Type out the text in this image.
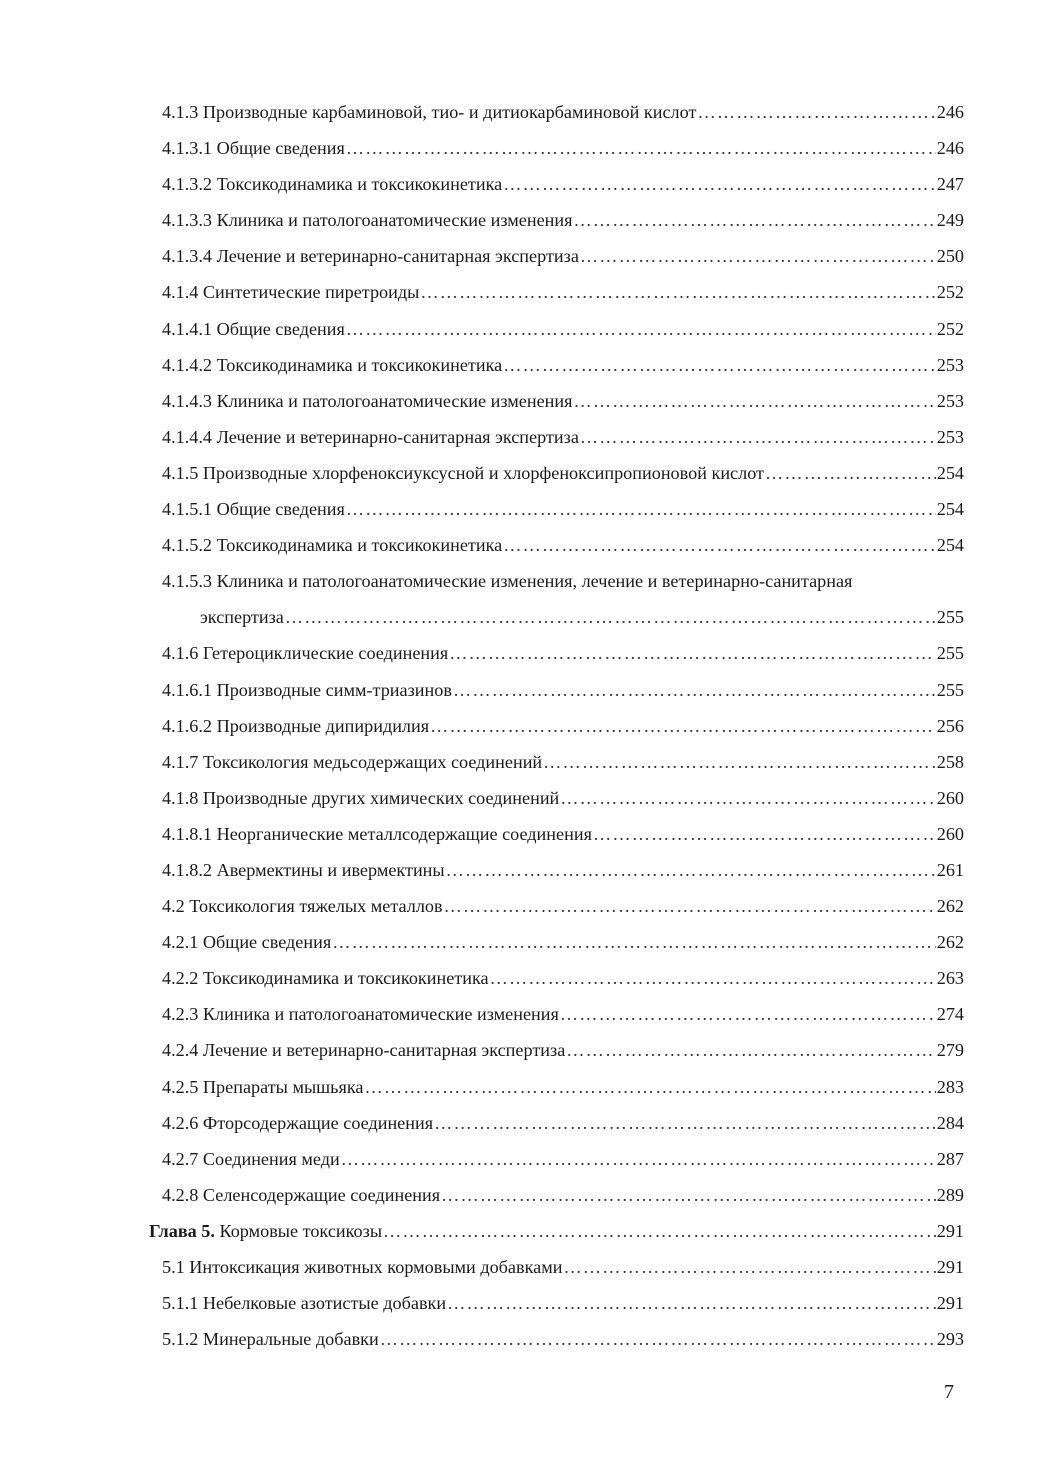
4.1.3 Производные карбаминовой, тио- и дитиокарбаминовой кислот ……………………………………………………………………………………………………………………………………………………………………………………………………………………………………	246
4.1.3.1 Общие сведения ……………………………………………………………………………………………………………………………………………………………………………………………………………………………………	246
4.1.3.2 Токсикодинамика и токсикокинетика ……………………………………………………………………………………………………………………………………………………………………………………………………………………………………	247
4.1.3.3 Клиника и патологоанатомические изменения ……………………………………………………………………………………………………………………………………………………………………………………………………………………………………	249
4.1.3.4 Лечение и ветеринарно-санитарная экспертиза ……………………………………………………………………………………………………………………………………………………………………………………………………………………………………	250
4.1.4 Синтетические пиретроиды ……………………………………………………………………………………………………………………………………………………………………………………………………………………………………	252
4.1.4.1 Общие сведения ……………………………………………………………………………………………………………………………………………………………………………………………………………………………………	252
4.1.4.2 Токсикодинамика и токсикокинетика ……………………………………………………………………………………………………………………………………………………………………………………………………………………………………	253
4.1.4.3 Клиника и патологоанатомические изменения ……………………………………………………………………………………………………………………………………………………………………………………………………………………………………	253
4.1.4.4 Лечение и ветеринарно-санитарная экспертиза ……………………………………………………………………………………………………………………………………………………………………………………………………………………………………	253
4.1.5 Производные хлорфеноксиуксусной и хлорфеноксипропионовой кислот ……………………………………………………………………………………………………………………………………………………………………………………………………………………………………	254
4.1.5.1 Общие сведения ……………………………………………………………………………………………………………………………………………………………………………………………………………………………………	254
4.1.5.2 Токсикодинамика и токсикокинетика ……………………………………………………………………………………………………………………………………………………………………………………………………………………………………	254
4.1.5.3 Клиника и патологоанатомические изменения, лечение и ветеринарно-санитарная
экспертиза ……………………………………………………………………………………………………………………………………………………………………………………………………………………………………	255
4.1.6 Гетероциклические соединения ……………………………………………………………………………………………………………………………………………………………………………………………………………………………………	255
4.1.6.1 Производные симм-триазинов ……………………………………………………………………………………………………………………………………………………………………………………………………………………………………	255
4.1.6.2 Производные дипиридилия ……………………………………………………………………………………………………………………………………………………………………………………………………………………………………	256
4.1.7 Токсикология медьсодержащих соединений ……………………………………………………………………………………………………………………………………………………………………………………………………………………………………	258
4.1.8 Производные других химических соединений ……………………………………………………………………………………………………………………………………………………………………………………………………………………………………	260
4.1.8.1 Неорганические металлсодержащие соединения ……………………………………………………………………………………………………………………………………………………………………………………………………………………………………	260
4.1.8.2 Авермектины и ивермектины ……………………………………………………………………………………………………………………………………………………………………………………………………………………………………	261
4.2 Токсикология тяжелых металлов ……………………………………………………………………………………………………………………………………………………………………………………………………………………………………	262
4.2.1 Общие сведения ……………………………………………………………………………………………………………………………………………………………………………………………………………………………………	262
4.2.2 Токсикодинамика и токсикокинетика ……………………………………………………………………………………………………………………………………………………………………………………………………………………………………	263
4.2.3 Клиника и патологоанатомические изменения ……………………………………………………………………………………………………………………………………………………………………………………………………………………………………	274
4.2.4 Лечение и ветеринарно-санитарная экспертиза ……………………………………………………………………………………………………………………………………………………………………………………………………………………………………	279
4.2.5 Препараты мышьяка ……………………………………………………………………………………………………………………………………………………………………………………………………………………………………	283
4.2.6 Фторсодержащие соединения ……………………………………………………………………………………………………………………………………………………………………………………………………………………………………	284
4.2.7 Соединения меди ……………………………………………………………………………………………………………………………………………………………………………………………………………………………………	287
4.2.8 Селенсодержащие соединения ……………………………………………………………………………………………………………………………………………………………………………………………………………………………………	289
Глава 5. Кормовые токсикозы ……………………………………………………………………………………………………………………………………………………………………………………………………………………………………	291
5.1 Интоксикация животных кормовыми добавками ……………………………………………………………………………………………………………………………………………………………………………………………………………………………………	291
5.1.1 Небелковые азотистые добавки ……………………………………………………………………………………………………………………………………………………………………………………………………………………………………	291
5.1.2 Минеральные добавки ……………………………………………………………………………………………………………………………………………………………………………………………………………………………………	293
7
